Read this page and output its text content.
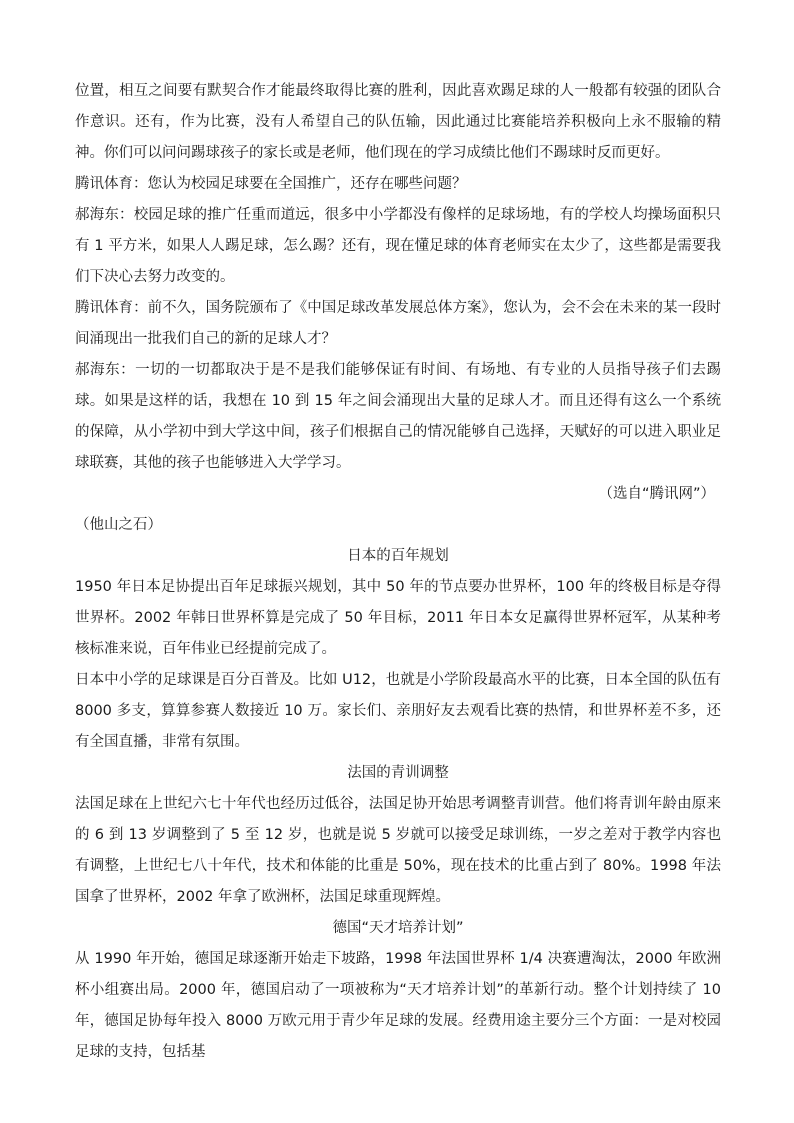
位置，相互之间要有默契合作才能最终取得比赛的胜利，因此喜欢踢足球的人一般都有较强的团队合作意识。还有，作为比赛，没有人希望自己的队伍输，因此通过比赛能培养积极向上永不服输的精神。你们可以问问踢球孩子的家长或是老师，他们现在的学习成绩比他们不踢球时反而更好。

腾讯体育：您认为校园足球要在全国推广，还存在哪些问题？

郝海东：校园足球的推广任重而道远，很多中小学都没有像样的足球场地，有的学校人均操场面积只有 1 平方米，如果人人踢足球，怎么踢？还有，现在懂足球的体育老师实在太少了，这些都是需要我们下决心去努力改变的。

腾讯体育：前不久，国务院颁布了《中国足球改革发展总体方案》，您认为，会不会在未来的某一段时间涌现出一批我们自己的新的足球人才？

郝海东：一切的一切都取决于是不是我们能够保证有时间、有场地、有专业的人员指导孩子们去踢球。如果是这样的话，我想在 10 到 15 年之间会涌现出大量的足球人才。而且还得有这么一个系统的保障，从小学初中到大学这中间，孩子们根据自己的情况能够自己选择，天赋好的可以进入职业足球联赛，其他的孩子也能够进入大学学习。

（选自“腾讯网”）

（他山之石）

日本的百年规划

1950 年日本足协提出百年足球振兴规划，其中 50 年的节点要办世界杯，100 年的终极目标是夺得世界杯。2002 年韩日世界杯算是完成了 50 年目标，2011 年日本女足赢得世界杯冠军，从某种考核标准来说，百年伟业已经提前完成了。

日本中小学的足球课是百分百普及。比如 U12，也就是小学阶段最高水平的比赛，日本全国的队伍有 8000 多支，算算参赛人数接近 10 万。家长们、亲朋好友去观看比赛的热情，和世界杯差不多，还有全国直播，非常有氛围。

法国的青训调整

法国足球在上世纪六七十年代也经历过低谷，法国足协开始思考调整青训营。他们将青训年龄由原来的 6 到 13 岁调整到了 5 至 12 岁，也就是说 5 岁就可以接受足球训练，一岁之差对于教学内容也有调整，上世纪七八十年代，技术和体能的比重是 50%，现在技术的比重占到了 80%。1998 年法国拿了世界杯，2002 年拿了欧洲杯，法国足球重现辉煌。

德国“天才培养计划”

从 1990 年开始，德国足球逐渐开始走下坡路，1998 年法国世界杯 1/4 决赛遭淘汰，2000 年欧洲杯小组赛出局。2000 年，德国启动了一项被称为“天才培养计划”的革新行动。整个计划持续了 10 年，德国足协每年投入 8000 万欧元用于青少年足球的发展。经费用途主要分三个方面：一是对校园足球的支持，包括基
